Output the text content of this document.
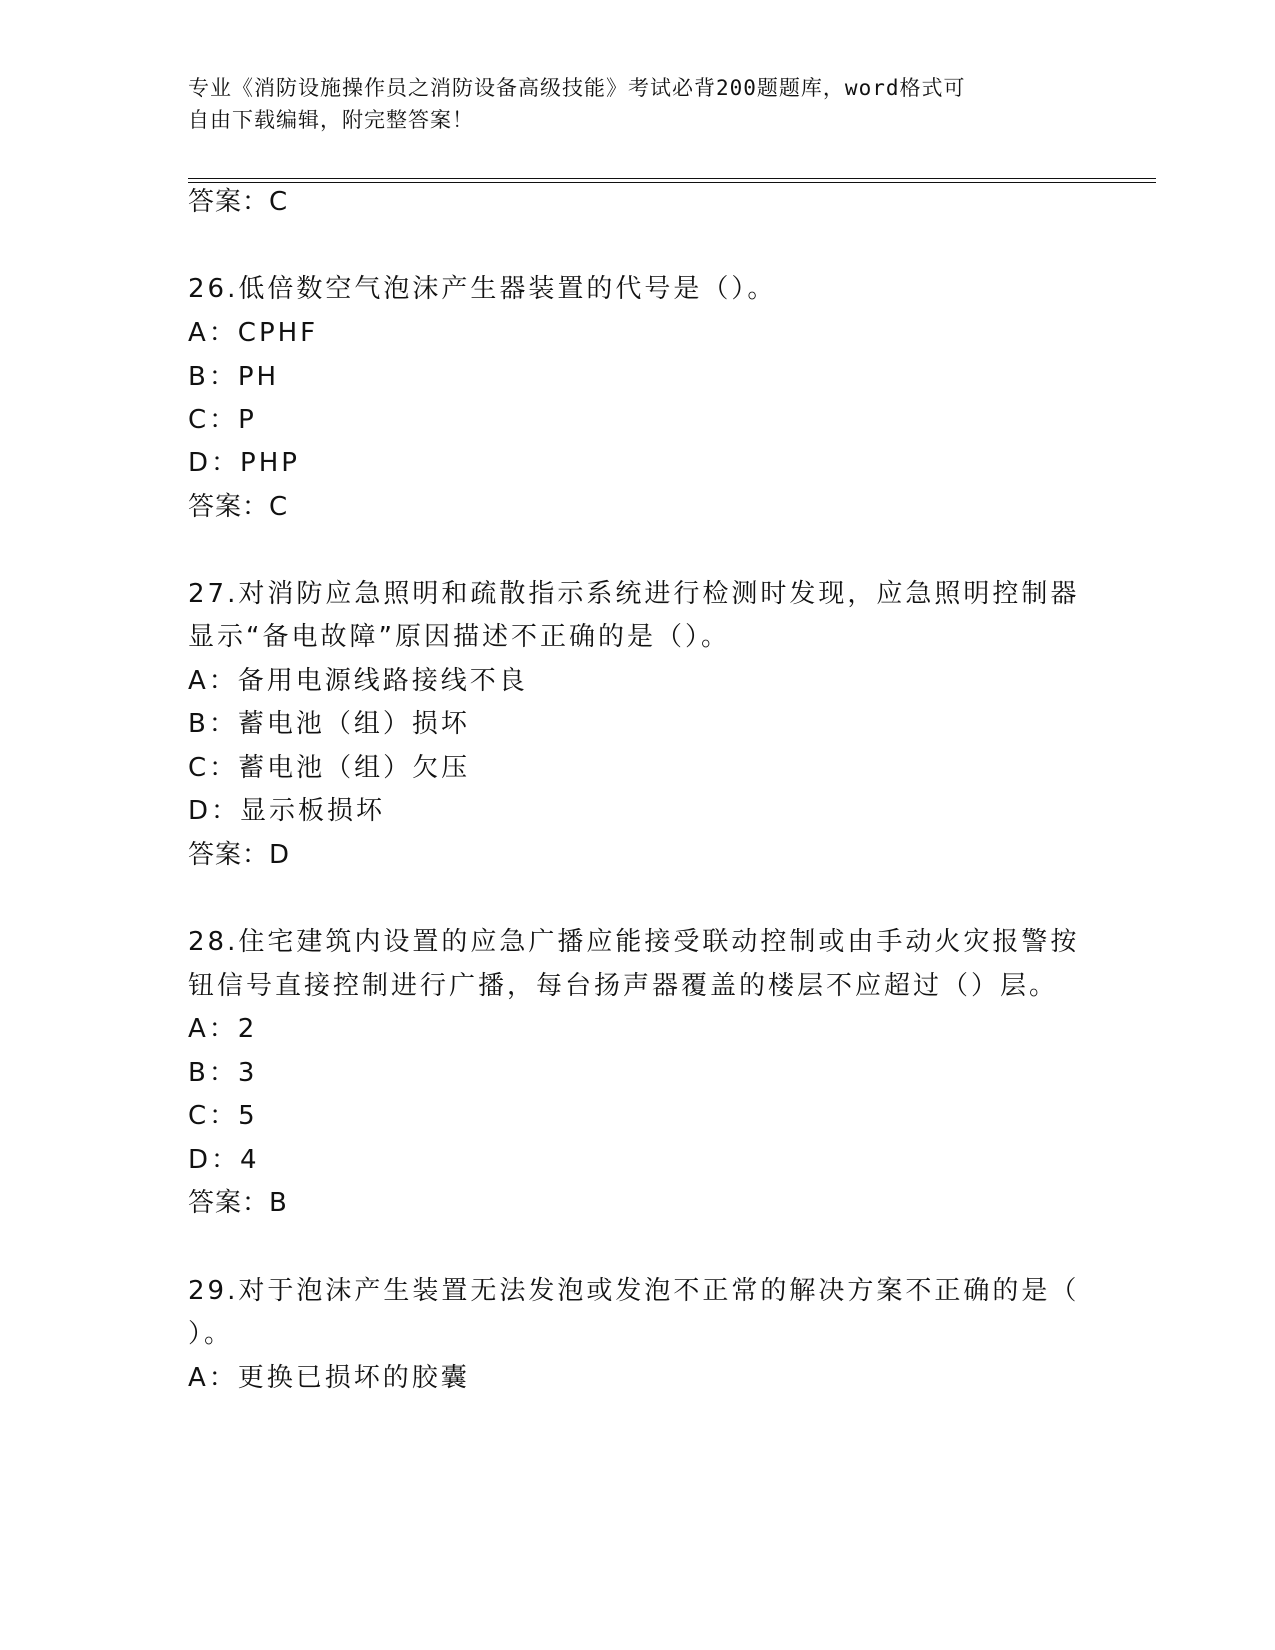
专业《消防设施操作员之消防设备高级技能》考试必背200题题库，word格式可
自由下载编辑，附完整答案！
答案：C
26.低倍数空气泡沫产生器装置的代号是（）。
A：CPHF
B：PH
C：P
D：PHP
答案：C
27.对消防应急照明和疏散指示系统进行检测时发现，应急照明控制器
显示“备电故障”原因描述不正确的是（）。
A：备用电源线路接线不良
B：蓄电池（组）损坏
C：蓄电池（组）欠压
D：显示板损坏
答案：D
28.住宅建筑内设置的应急广播应能接受联动控制或由手动火灾报警按
钮信号直接控制进行广播，每台扬声器覆盖的楼层不应超过（）层。
A：2
B：3
C：5
D：4
答案：B
29.对于泡沫产生装置无法发泡或发泡不正常的解决方案不正确的是（
）。
A：更换已损坏的胶囊
